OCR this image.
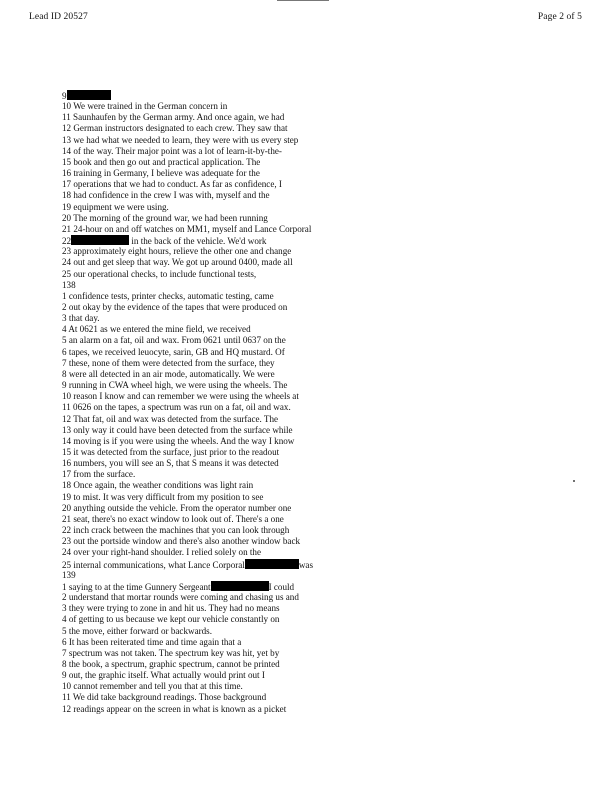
Lead ID 20527	Page 2 of 5
9
10 We were trained in the German concern in
11 Saunhaufen by the German army. And once again, we had
12 German instructors designated to each crew. They saw that
13 we had what we needed to learn, they were with us every step
14 of the way. Their major point was a lot of learn-it-by-the-
15 book and then go out and practical application. The
16 training in Germany, I believe was adequate for the
17 operations that we had to conduct. As far as confidence, I
18 had confidence in the crew I was with, myself and the
19 equipment we were using.
20 The morning of the ground war, we had been running
21 24-hour on and off watches on MM1, myself and Lance Corporal
22	in the back of the vehicle. We'd work
23 approximately eight hours, relieve the other one and change
24 out and get sleep that way. We got up around 0400, made all
25 our operational checks, to include functional tests,
138
1 confidence tests, printer checks, automatic testing, came
2 out okay by the evidence of the tapes that were produced on
3 that day.
4 At 0621 as we entered the mine field, we received
5 an alarm on a fat, oil and wax. From 0621 until 0637 on the
6 tapes, we received leuocyte, sarin, GB and HQ mustard. Of
7 these, none of them were detected from the surface, they
8 were all detected in an air mode, automatically. We were
9 running in CWA wheel high, we were using the wheels. The
10 reason I know and can remember we were using the wheels at
11 0626 on the tapes, a spectrum was run on a fat, oil and wax.
12 That fat, oil and wax was detected from the surface. The
13 only way it could have been detected from the surface while
14 moving is if you were using the wheels. And the way I know
15 it was detected from the surface, just prior to the readout
16 numbers, you will see an S, that S means it was detected
17 from the surface.
18 Once again, the weather conditions was light rain
19 to mist. It was very difficult from my position to see
20 anything outside the vehicle. From the operator number one
21 seat, there's no exact window to look out of. There's a one
22 inch crack between the machines that you can look through
23 out the portside window and there's also another window back
24 over your right-hand shoulder. I relied solely on the
25 internal communications, what Lance Corporal	was
139
1 saying to at the time Gunnery Sergeant	I could
2 understand that mortar rounds were coming and chasing us and
3 they were trying to zone in and hit us. They had no means
4 of getting to us because we kept our vehicle constantly on
5 the move, either forward or backwards.
6 It has been reiterated time and time again that a
7 spectrum was not taken. The spectrum key was hit, yet by
8 the book, a spectrum, graphic spectrum, cannot be printed
9 out, the graphic itself. What actually would print out I
10 cannot remember and tell you that at this time.
11 We did take background readings. Those background
12 readings appear on the screen in what is known as a picket
